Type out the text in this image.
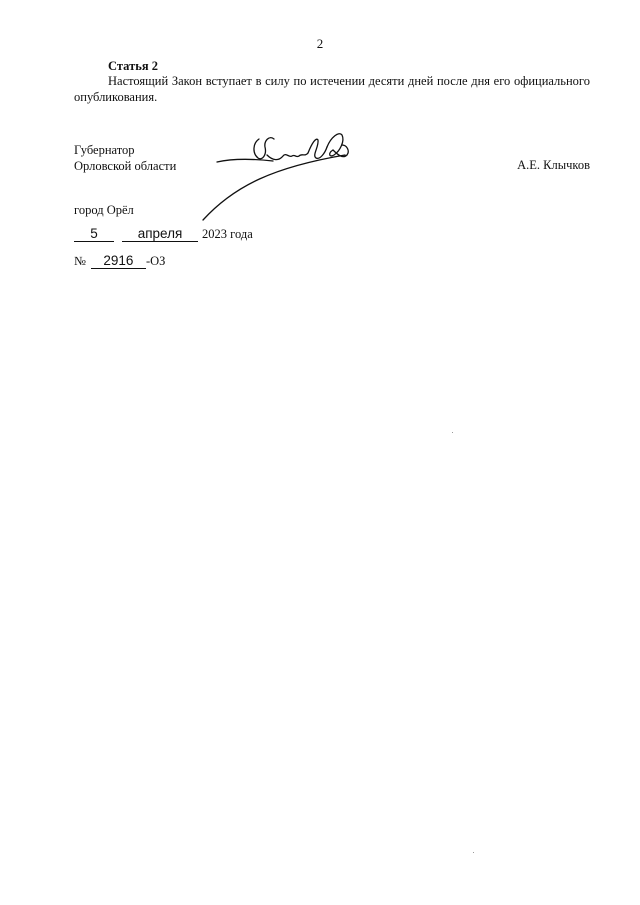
2
Статья 2
Настоящий Закон вступает в силу по истечении десяти дней после дня его официального опубликования.
Губернатор
Орловской области	А.Е. Клычков
город Орёл
5	апреля	2023 года
№	2916 -ОЗ
